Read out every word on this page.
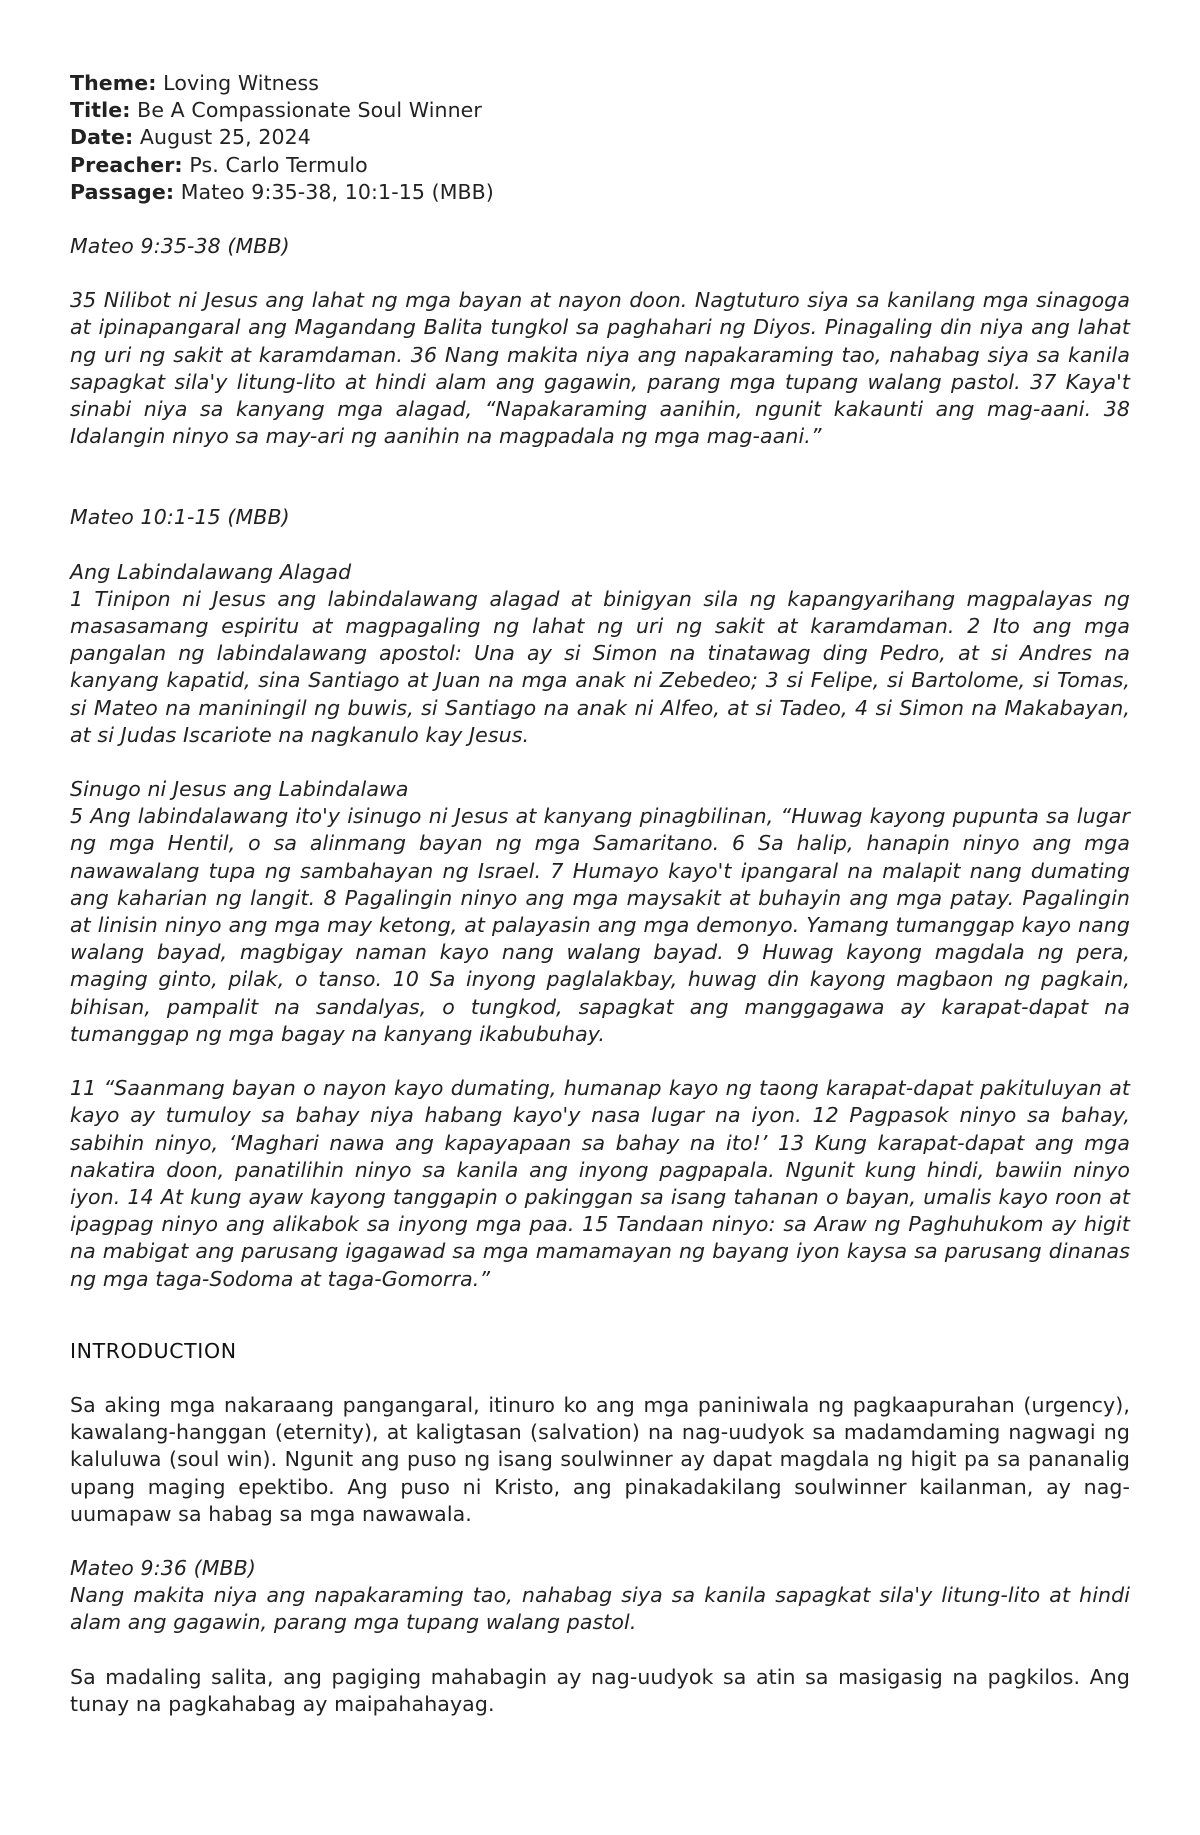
Theme: Loving Witness

Title: Be A Compassionate Soul Winner

Date: August 25, 2024

Preacher: Ps. Carlo Termulo

Passage: Mateo 9:35-38, 10:1-15 (MBB)

Mateo 9:35-38 (MBB)

35 Nilibot ni Jesus ang lahat ng mga bayan at nayon doon. Nagtuturo siya sa kanilang mga sinagoga at ipinapangaral ang Magandang Balita tungkol sa paghahari ng Diyos. Pinagaling din niya ang lahat ng uri ng sakit at karamdaman. 36 Nang makita niya ang napakaraming tao, nahabag siya sa kanila sapagkat sila'y litung-lito at hindi alam ang gagawin, parang mga tupang walang pastol. 37 Kaya't sinabi niya sa kanyang mga alagad, “Napakaraming aanihin, ngunit kakaunti ang mag-aani. 38 Idalangin ninyo sa may-ari ng aanihin na magpadala ng mga mag-aani.”

Mateo 10:1-15 (MBB)

Ang Labindalawang Alagad

1 Tinipon ni Jesus ang labindalawang alagad at binigyan sila ng kapangyarihang magpalayas ng masasamang espiritu at magpagaling ng lahat ng uri ng sakit at karamdaman. 2 Ito ang mga pangalan ng labindalawang apostol: Una ay si Simon na tinatawag ding Pedro, at si Andres na kanyang kapatid, sina Santiago at Juan na mga anak ni Zebedeo; 3 si Felipe, si Bartolome, si Tomas, si Mateo na maniningil ng buwis, si Santiago na anak ni Alfeo, at si Tadeo, 4 si Simon na Makabayan, at si Judas Iscariote na nagkanulo kay Jesus.

Sinugo ni Jesus ang Labindalawa

5 Ang labindalawang ito'y isinugo ni Jesus at kanyang pinagbilinan, “Huwag kayong pupunta sa lugar ng mga Hentil, o sa alinmang bayan ng mga Samaritano. 6 Sa halip, hanapin ninyo ang mga nawawalang tupa ng sambahayan ng Israel. 7 Humayo kayo't ipangaral na malapit nang dumating ang kaharian ng langit. 8 Pagalingin ninyo ang mga maysakit at buhayin ang mga patay. Pagalingin at linisin ninyo ang mga may ketong, at palayasin ang mga demonyo. Yamang tumanggap kayo nang walang bayad, magbigay naman kayo nang walang bayad. 9 Huwag kayong magdala ng pera, maging ginto, pilak, o tanso. 10 Sa inyong paglalakbay, huwag din kayong magbaon ng pagkain, bihisan, pampalit na sandalyas, o tungkod, sapagkat ang manggagawa ay karapat-dapat na tumanggap ng mga bagay na kanyang ikabubuhay.

11 “Saanmang bayan o nayon kayo dumating, humanap kayo ng taong karapat-dapat pakituluyan at kayo ay tumuloy sa bahay niya habang kayo'y nasa lugar na iyon. 12 Pagpasok ninyo sa bahay, sabihin ninyo, ‘Maghari nawa ang kapayapaan sa bahay na ito!’ 13 Kung karapat-dapat ang mga nakatira doon, panatilihin ninyo sa kanila ang inyong pagpapala. Ngunit kung hindi, bawiin ninyo iyon. 14 At kung ayaw kayong tanggapin o pakinggan sa isang tahanan o bayan, umalis kayo roon at ipagpag ninyo ang alikabok sa inyong mga paa. 15 Tandaan ninyo: sa Araw ng Paghuhukom ay higit na mabigat ang parusang igagawad sa mga mamamayan ng bayang iyon kaysa sa parusang dinanas ng mga taga-Sodoma at taga-Gomorra.”

INTRODUCTION

Sa aking mga nakaraang pangangaral, itinuro ko ang mga paniniwala ng pagkaapurahan (urgency), kawalang-hanggan (eternity), at kaligtasan (salvation) na nag-uudyok sa madamdaming nagwagi ng kaluluwa (soul win). Ngunit ang puso ng isang soulwinner ay dapat magdala ng higit pa sa pananalig upang maging epektibo. Ang puso ni Kristo, ang pinakadakilang soulwinner kailanman, ay nag-uumapaw sa habag sa mga nawawala.

Mateo 9:36 (MBB)

Nang makita niya ang napakaraming tao, nahabag siya sa kanila sapagkat sila'y litung-lito at hindi alam ang gagawin, parang mga tupang walang pastol.

Sa madaling salita, ang pagiging mahabagin ay nag-uudyok sa atin sa masigasig na pagkilos. Ang tunay na pagkahabag ay maipahahayag.
